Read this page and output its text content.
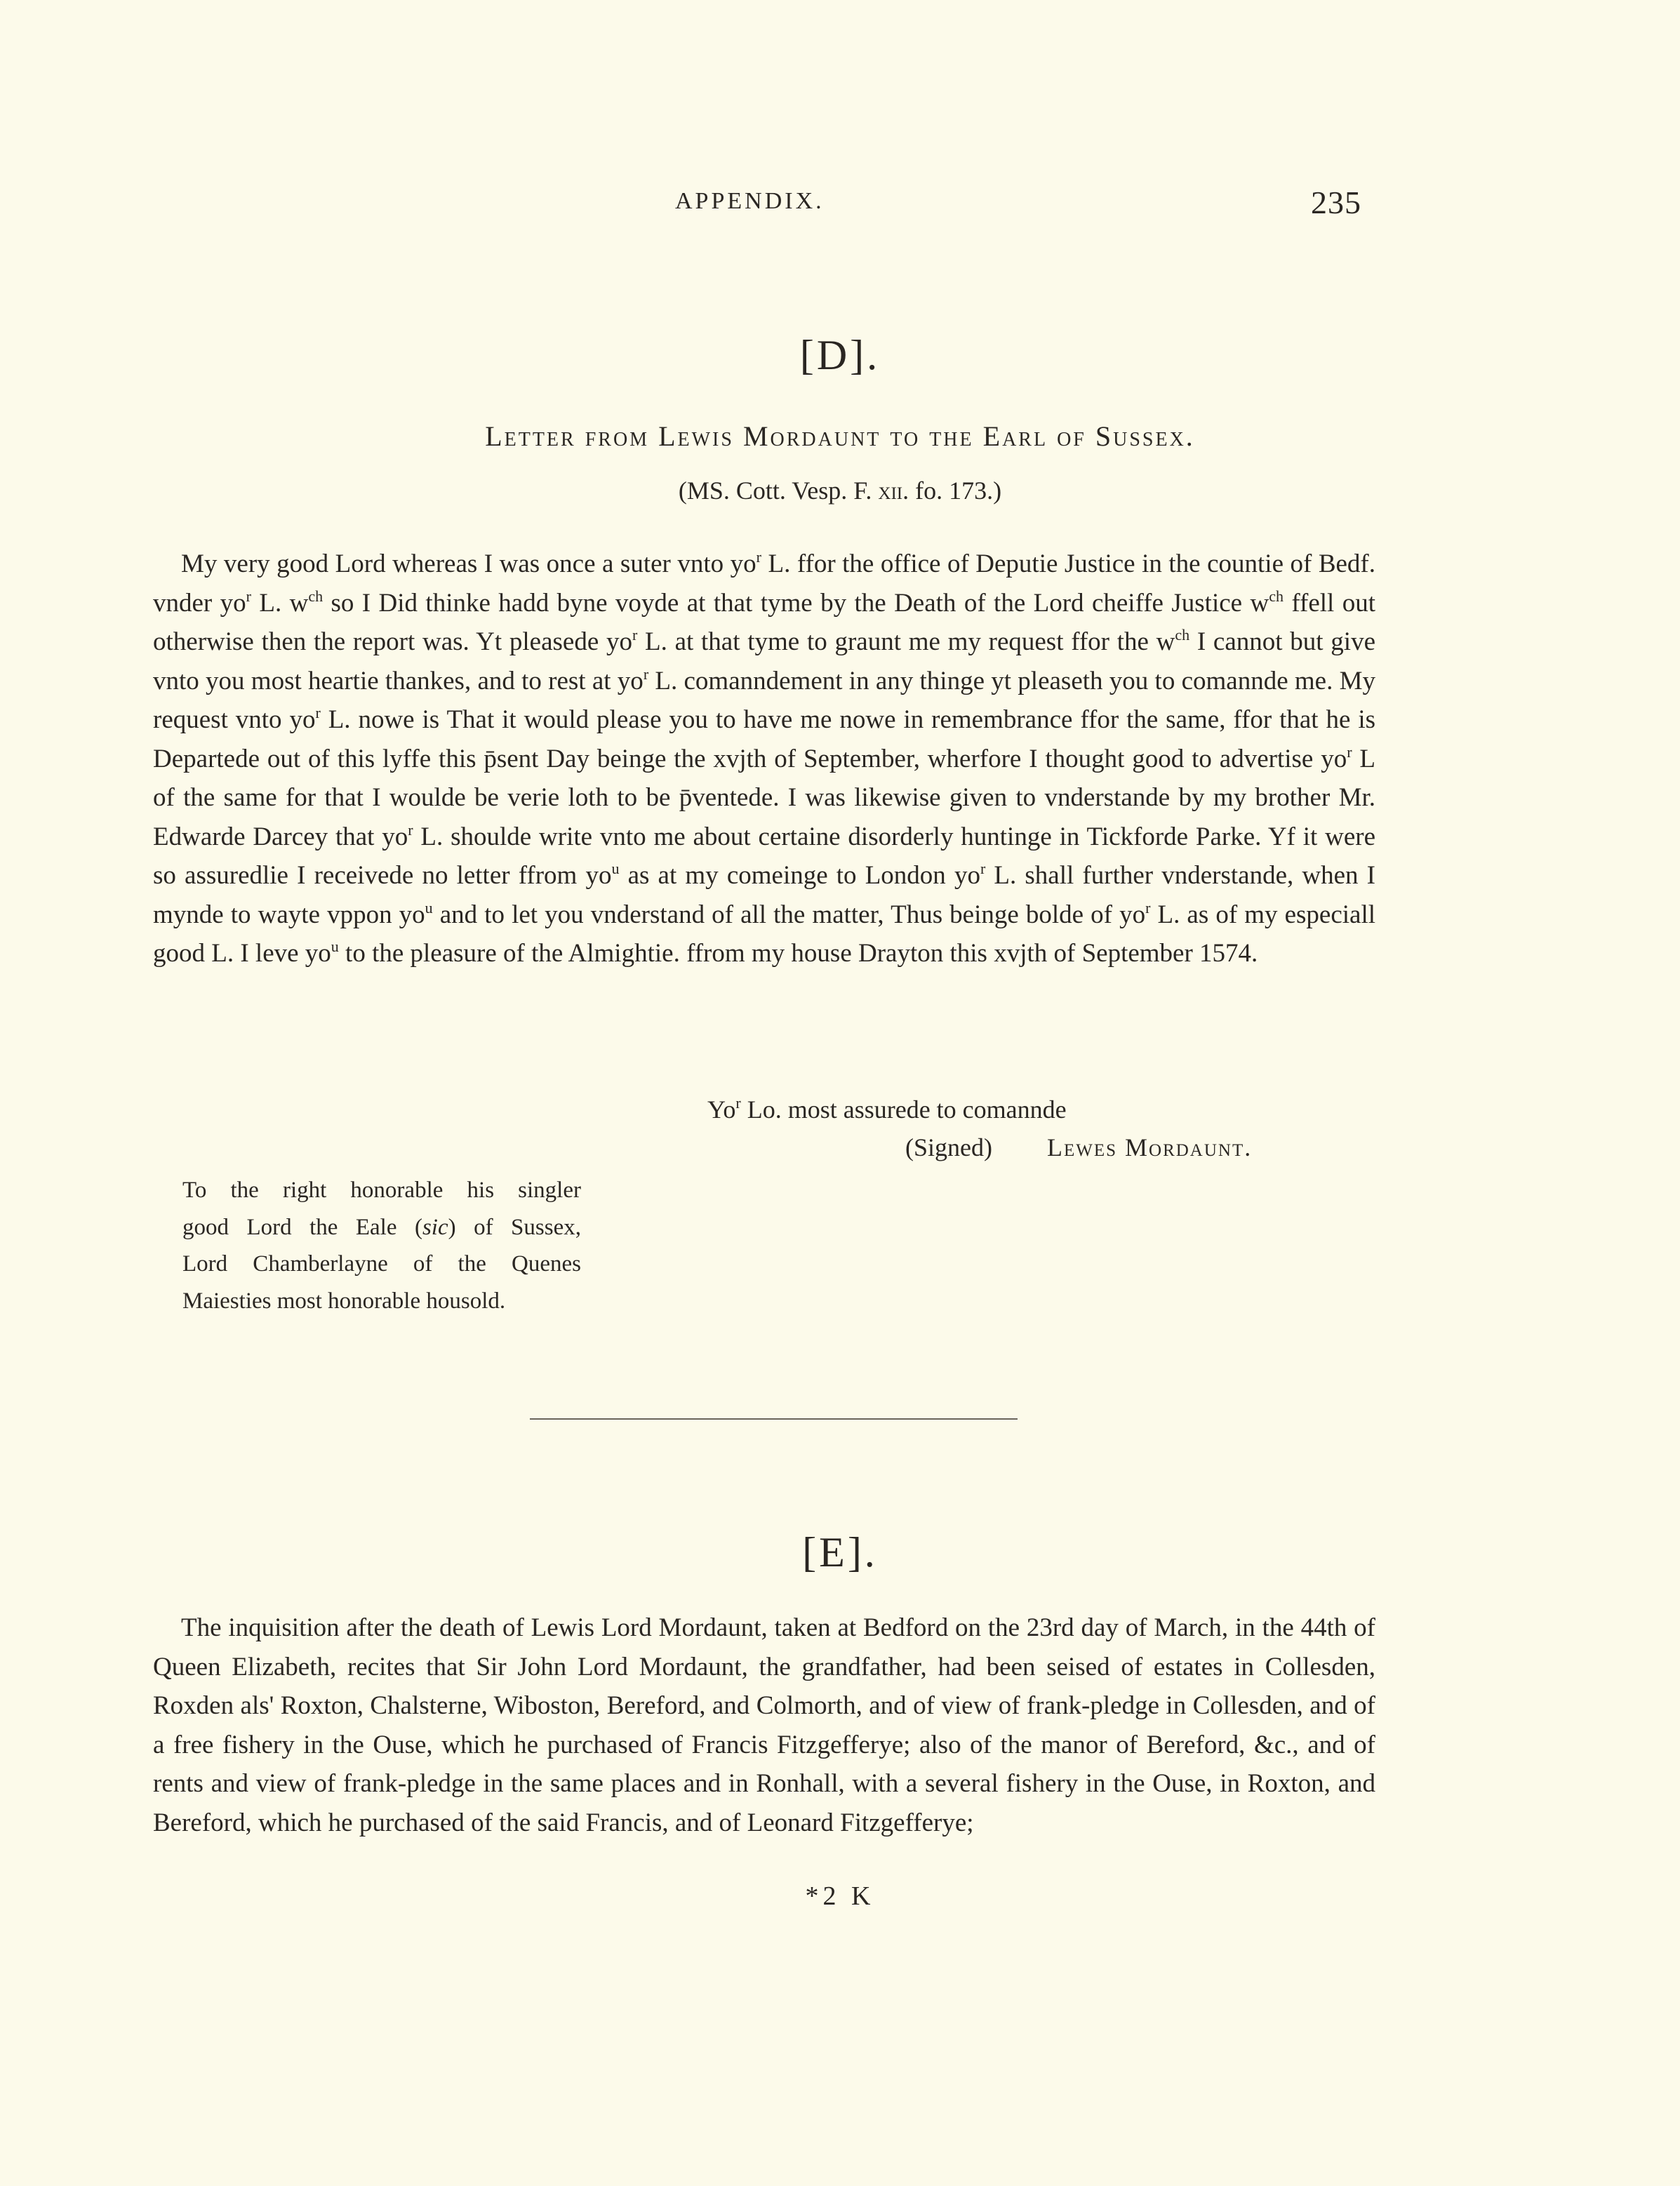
APPENDIX.	235
[D].
Letter from Lewis Mordaunt to the Earl of Sussex.
(MS. Cott. Vesp. F. xii. fo. 173.)

My very good Lord whereas I was once a suter vnto $yo^r$ L. ffor the office of Deputie Justice in the countie of Bedf. vnder $yo^r$ L. $w^{ch}$ so I Did thinke hadd byne voyde at that tyme by the Death of the Lord cheiffe Justice $w^{ch}$ ffell out otherwise then the report was. Yt pleasede $yo^r$ L. at that tyme to graunt me my request ffor the $w^{ch}$ I cannot but give vnto you most heartie thankes, and to rest at $yo^r$ L. comanndement in any thinge yt pleaseth you to comannde me. My request vnto $yo^r$ L. nowe is That it would please you to have me nowe in remembrance ffor the same, ffor that he is Departede out of this lyffe this p̄sent Day beinge the xvjth of September, wherfore I thought good to advertise $yo^r$ L of the same for that I woulde be verie loth to be p̄ventede. I was likewise given to vnderstande by my brother Mr. Edwarde Darcey that $yo^r$ L. shoulde write vnto me about certaine disorderly huntinge in Tickforde Parke. Yf it were so assuredlie I receivede no letter ffrom $yo^u$ as at my comeinge to London $yo^r$ L. shall further vnderstande, when I mynde to wayte vppon $yo^u$ and to let you vnderstand of all the matter, Thus beinge bolde of $yo^r$ L. as of my especiall good L. I leve $yo^u$ to the pleasure of the Almightie. ffrom my house Drayton this xvjth of September 1574.

Yo$^r$ Lo. most assurede to comannde
(Signed) Lewes Mordaunt.

To the right honorable his singler
good Lord the Eale (sic) of Sussex,
Lord Chamberlayne of the Quenes
Maiesties most honorable housold.

[E].

The inquisition after the death of Lewis Lord Mordaunt, taken at Bedford on the 23rd day of March, in the 44th of Queen Elizabeth, recites that Sir John Lord Mordaunt, the grandfather, had been seised of estates in Collesden, Roxden als' Roxton, Chalsterne, Wiboston, Bereford, and Colmorth, and of view of frank-pledge in Collesden, and of a free fishery in the Ouse, which he purchased of Francis Fitzgefferye; also of the manor of Bereford, &c., and of rents and view of frank-pledge in the same places and in Ronhall, with a several fishery in the Ouse, in Roxton, and Bereford, which he purchased of the said Francis, and of Leonard Fitzgefferye;

*2 K
